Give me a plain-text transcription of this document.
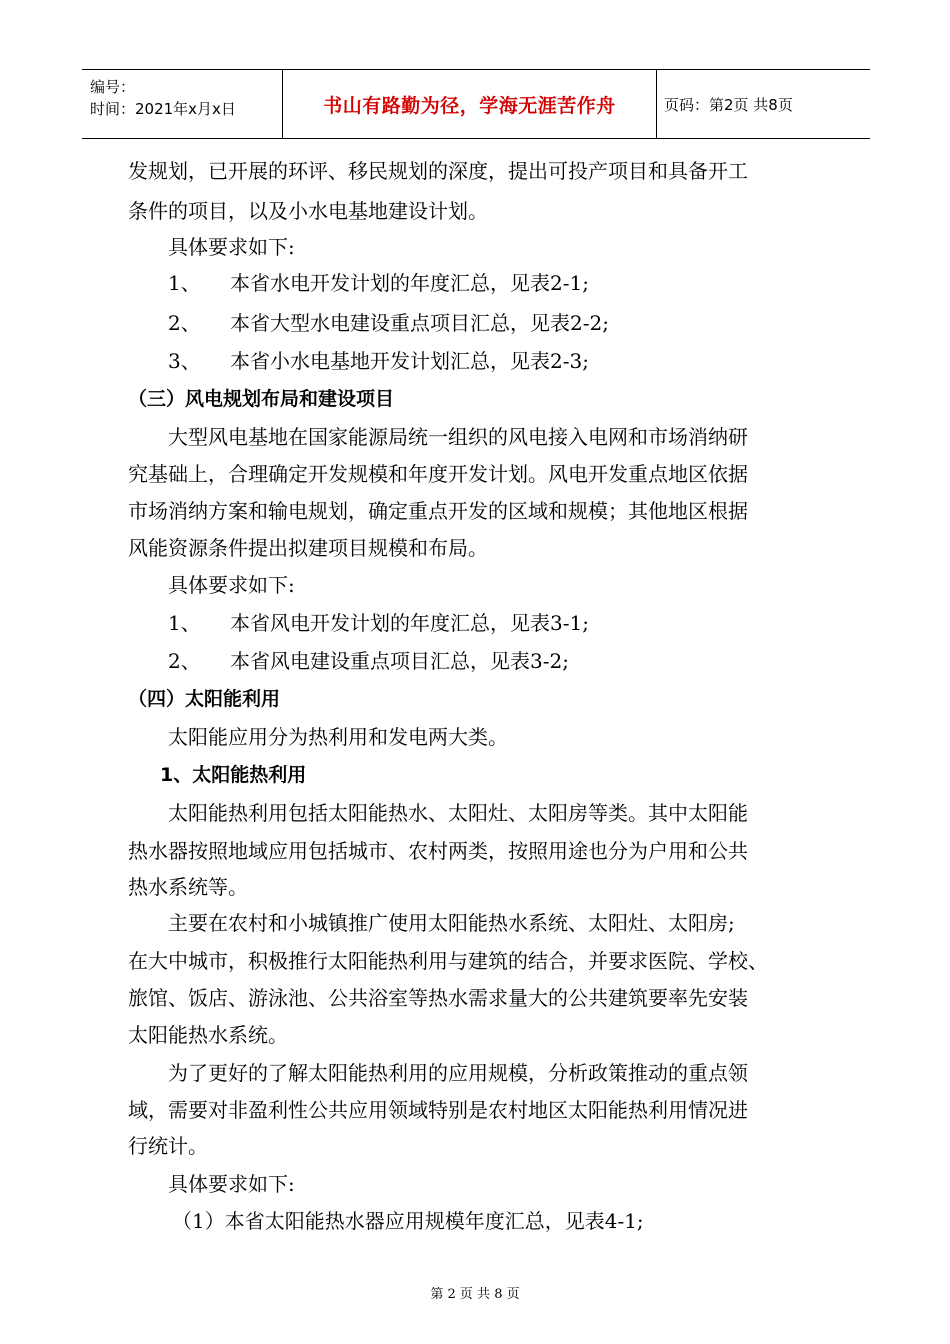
编号：
时间：2021年x月x日	书山有路勤为径，学海无涯苦作舟	页码：第2页 共8页
发规划，已开展的环评、移民规划的深度，提出可投产项目和具备开工
条件的项目，以及小水电基地建设计划。
具体要求如下:
1、 本省水电开发计划的年度汇总，见表2-1;
2、 本省大型水电建设重点项目汇总，见表2-2;
3、 本省小水电基地开发计划汇总，见表2-3;
（三）风电规划布局和建设项目
大型风电基地在国家能源局统一组织的风电接入电网和市场消纳研
究基础上，合理确定开发规模和年度开发计划。风电开发重点地区依据
市场消纳方案和输电规划，确定重点开发的区域和规模；其他地区根据
风能资源条件提出拟建项目规模和布局。
具体要求如下:
1、 本省风电开发计划的年度汇总，见表3-1;
2、 本省风电建设重点项目汇总，见表3-2;
（四）太阳能利用
太阳能应用分为热利用和发电两大类。
1、太阳能热利用
太阳能热利用包括太阳能热水、太阳灶、太阳房等类。其中太阳能
热水器按照地域应用包括城市、农村两类，按照用途也分为户用和公共
热水系统等。
主要在农村和小城镇推广使用太阳能热水系统、太阳灶、太阳房;
在大中城市，积极推行太阳能热利用与建筑的结合，并要求医院、学校、
旅馆、饭店、游泳池、公共浴室等热水需求量大的公共建筑要率先安装
太阳能热水系统。
为了更好的了解太阳能热利用的应用规模，分析政策推动的重点领
域，需要对非盈利性公共应用领域特别是农村地区太阳能热利用情况进
行统计。
具体要求如下:
（1）本省太阳能热水器应用规模年度汇总，见表4-1;
第 2 页 共 8 页
